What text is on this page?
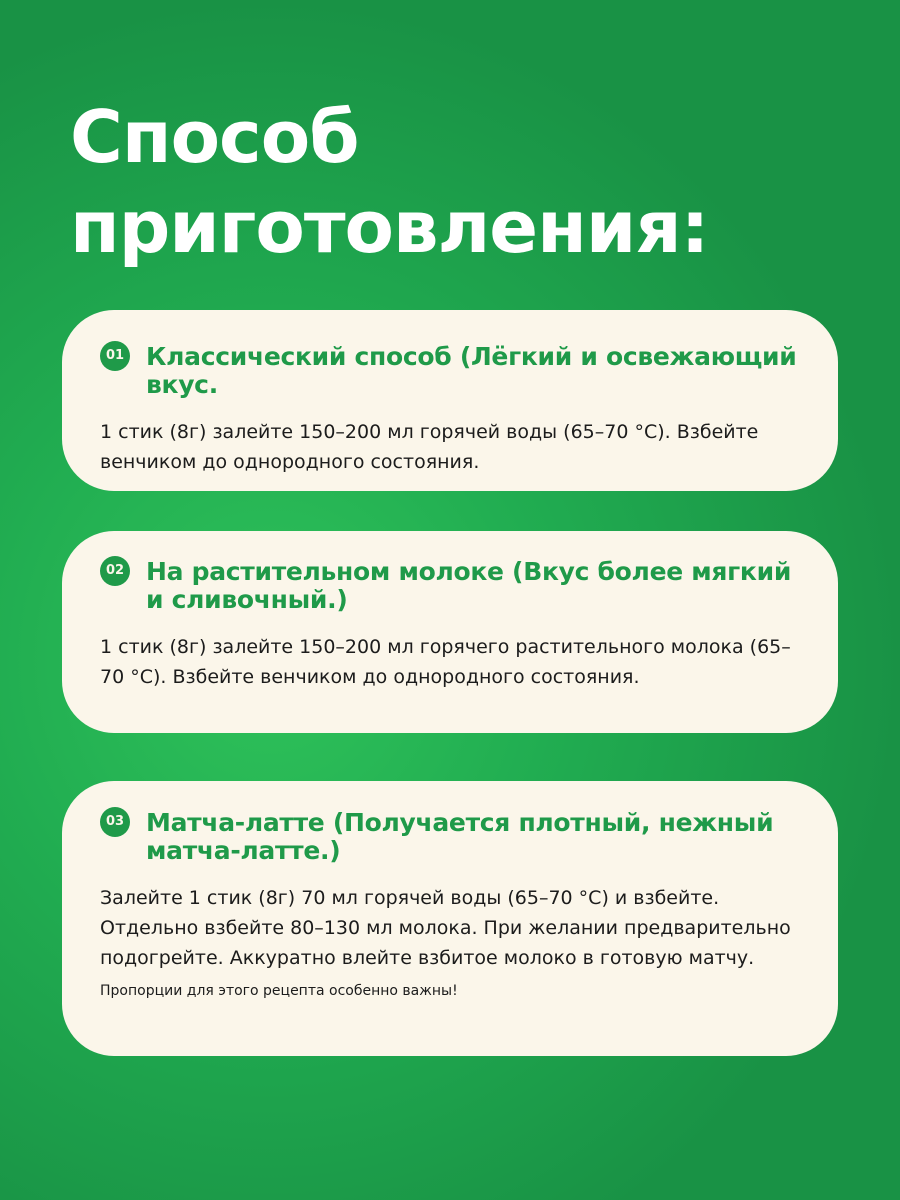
Способ
приготовления:
01 Классический способ (Лёгкий и освежающий вкус.
1 стик (8г) залейте 150–200 мл горячей воды (65–70 °С). Взбейте венчиком до однородного состояния.
02 На растительном молоке (Вкус более мягкий и сливочный.)
1 стик (8г) залейте 150–200 мл горячего растительного молока (65–70 °С). Взбейте венчиком до однородного состояния.
03 Матча-латте (Получается плотный, нежный матча-латте.)
Залейте 1 стик (8г) 70 мл горячей воды (65–70 °С) и взбейте. Отдельно взбейте 80–130 мл молока. При желании предварительно подогрейте. Аккуратно влейте взбитое молоко в готовую матчу.
Пропорции для этого рецепта особенно важны!
